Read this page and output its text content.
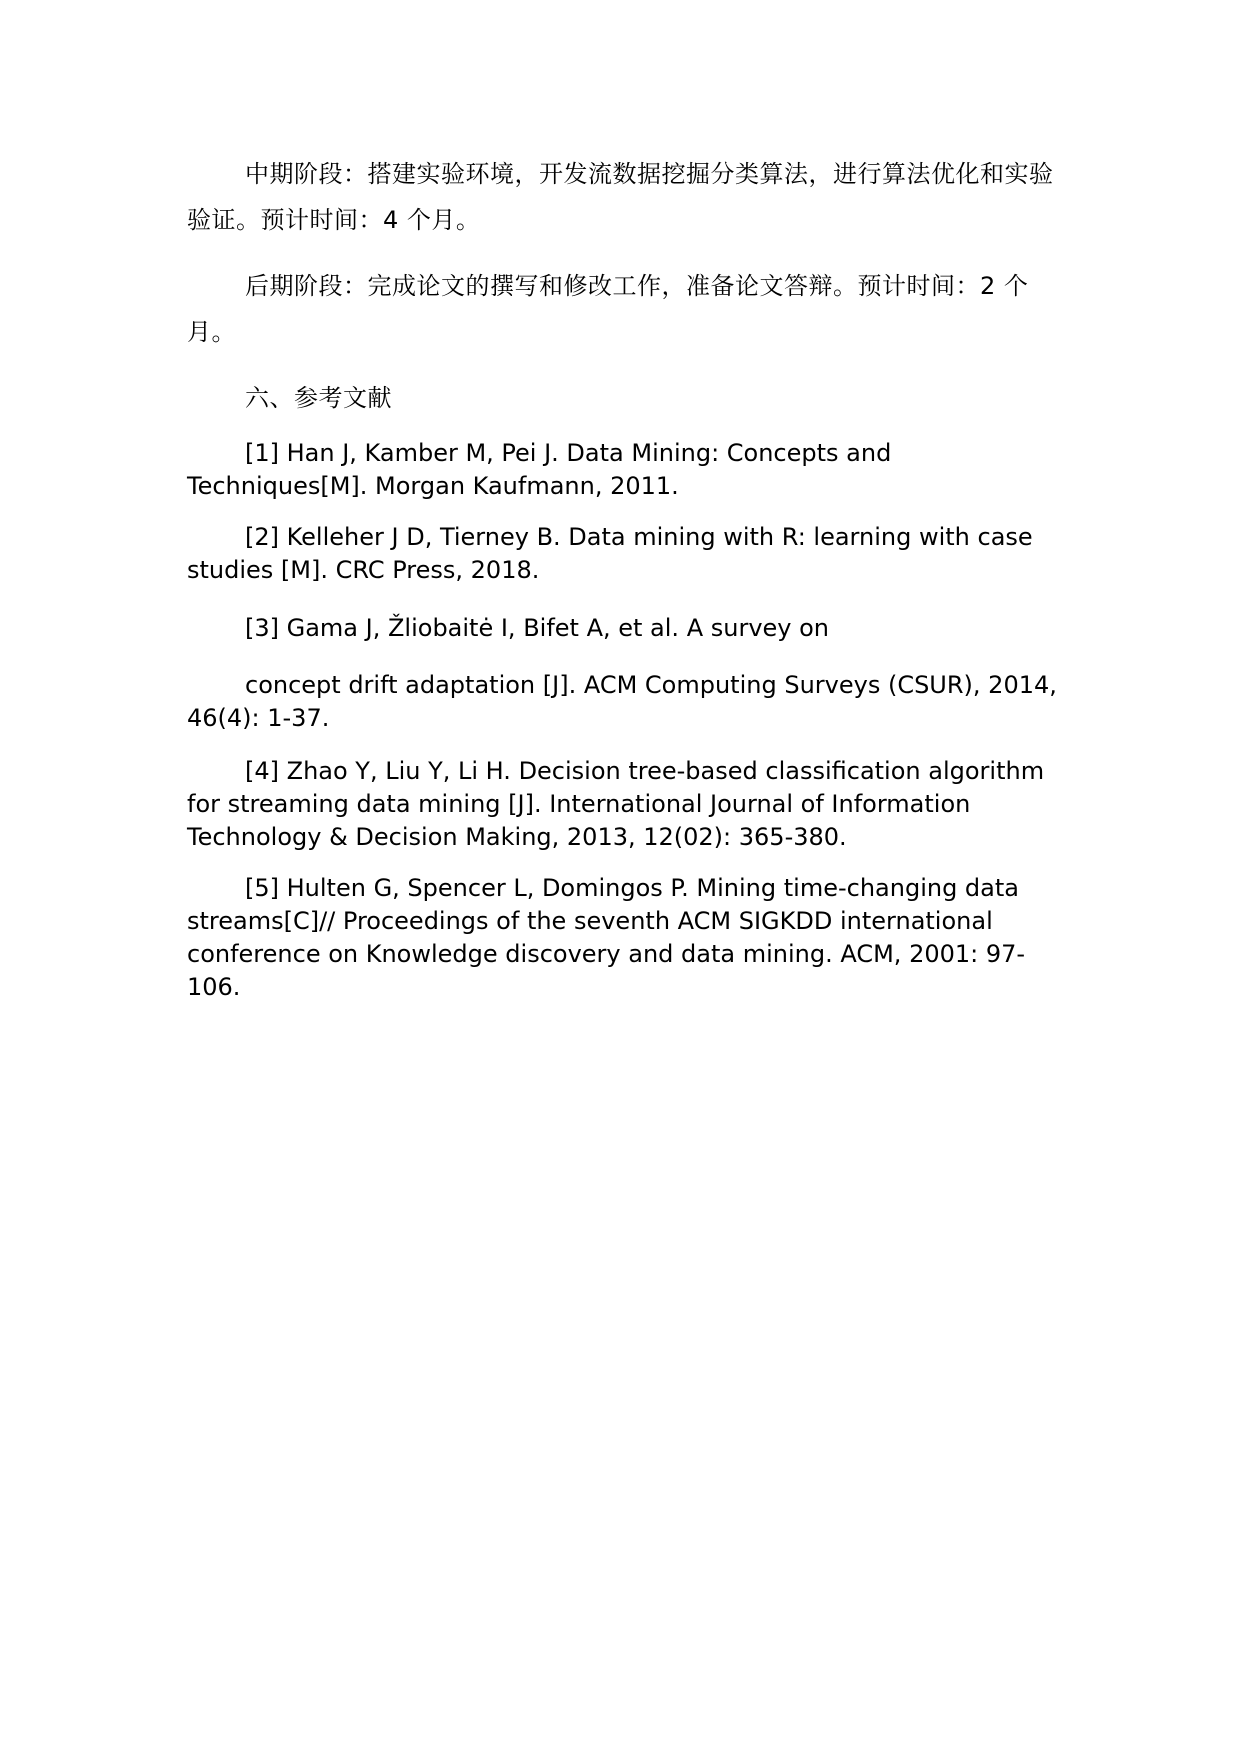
中期阶段：搭建实验环境，开发流数据挖掘分类算法，进行算法优化和实验验证。预计时间：4 个月。

后期阶段：完成论文的撰写和修改工作，准备论文答辩。预计时间：2 个月。

六、参考文献

[1] Han J, Kamber M, Pei J. Data Mining: Concepts and Techniques[M]. Morgan Kaufmann, 2011.

[2] Kelleher J D, Tierney B. Data mining with R: learning with case studies [M]. CRC Press, 2018.

[3] Gama J, Žliobaitė I, Bifet A, et al. A survey on

concept drift adaptation [J]. ACM Computing Surveys (CSUR), 2014, 46(4): 1-37.

[4] Zhao Y, Liu Y, Li H. Decision tree-based classification algorithm for streaming data mining [J]. International Journal of Information Technology & Decision Making, 2013, 12(02): 365-380.

[5] Hulten G, Spencer L, Domingos P. Mining time-changing data streams[C]// Proceedings of the seventh ACM SIGKDD international conference on Knowledge discovery and data mining. ACM, 2001: 97-106.
